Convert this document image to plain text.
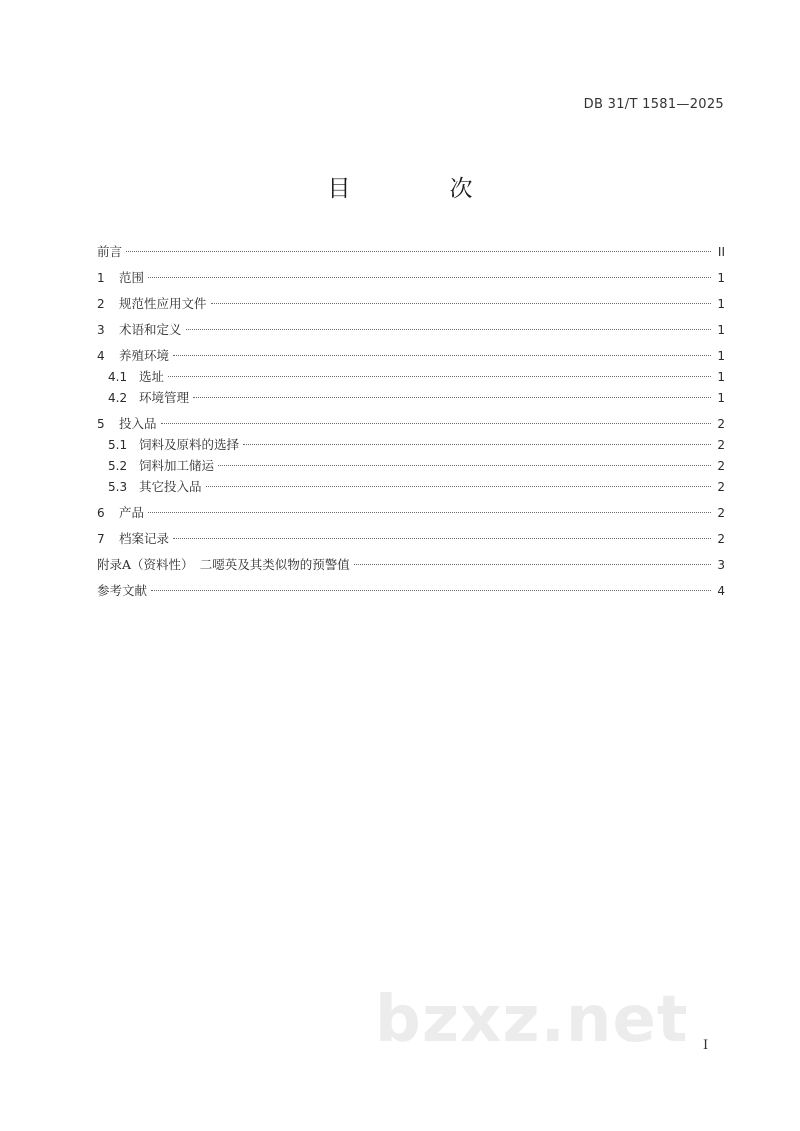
DB 31/T 1581—2025
目　次
前言	II
1	范围	1
2	规范性应用文件	1
3	术语和定义	1
4	养殖环境	1
4.1 选址	1
4.2 环境管理	1
5	投入品	2
5.1 饲料及原料的选择	2
5.2 饲料加工储运	2
5.3 其它投入品	2
6	产品	2
7	档案记录	2
附录A（资料性）　二噁英及其类似物的预警值	3
参考文献	4
bzxz.net I
